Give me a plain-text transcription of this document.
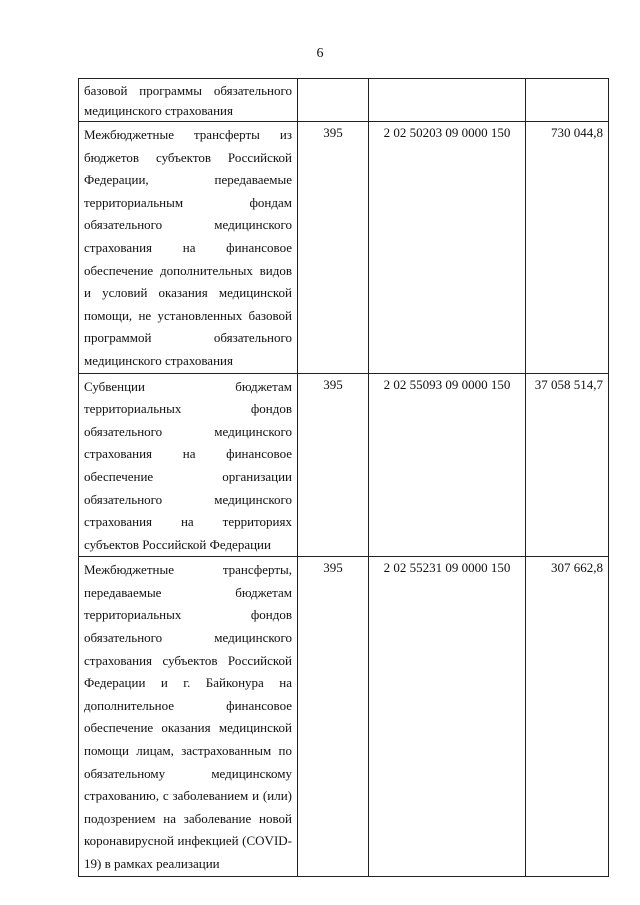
6
базовой программы обязательного медицинского страхования			
Межбюджетные трансферты из бюджетов субъектов Российской Федерации, передаваемые территориальным фондам обязательного медицинского страхования на финансовое обеспечение дополнительных видов и условий оказания медицинской помощи, не установленных базовой программой обязательного медицинского страхования	395	2 02 50203 09 0000 150	730 044,8
Субвенции бюджетам территориальных фондов обязательного медицинского страхования на финансовое обеспечение организации обязательного медицинского страхования на территориях субъектов Российской Федерации	395	2 02 55093 09 0000 150	37 058 514,7
Межбюджетные трансферты, передаваемые бюджетам территориальных фондов обязательного медицинского страхования субъектов Российской Федерации и г. Байконура на дополнительное финансовое обеспечение оказания медицинской помощи лицам, застрахованным по обязательному медицинскому страхованию, с заболеванием и (или) подозрением на заболевание новой коронавирусной инфекцией (COVID-19) в рамках реализации	395	2 02 55231 09 0000 150	307 662,8
